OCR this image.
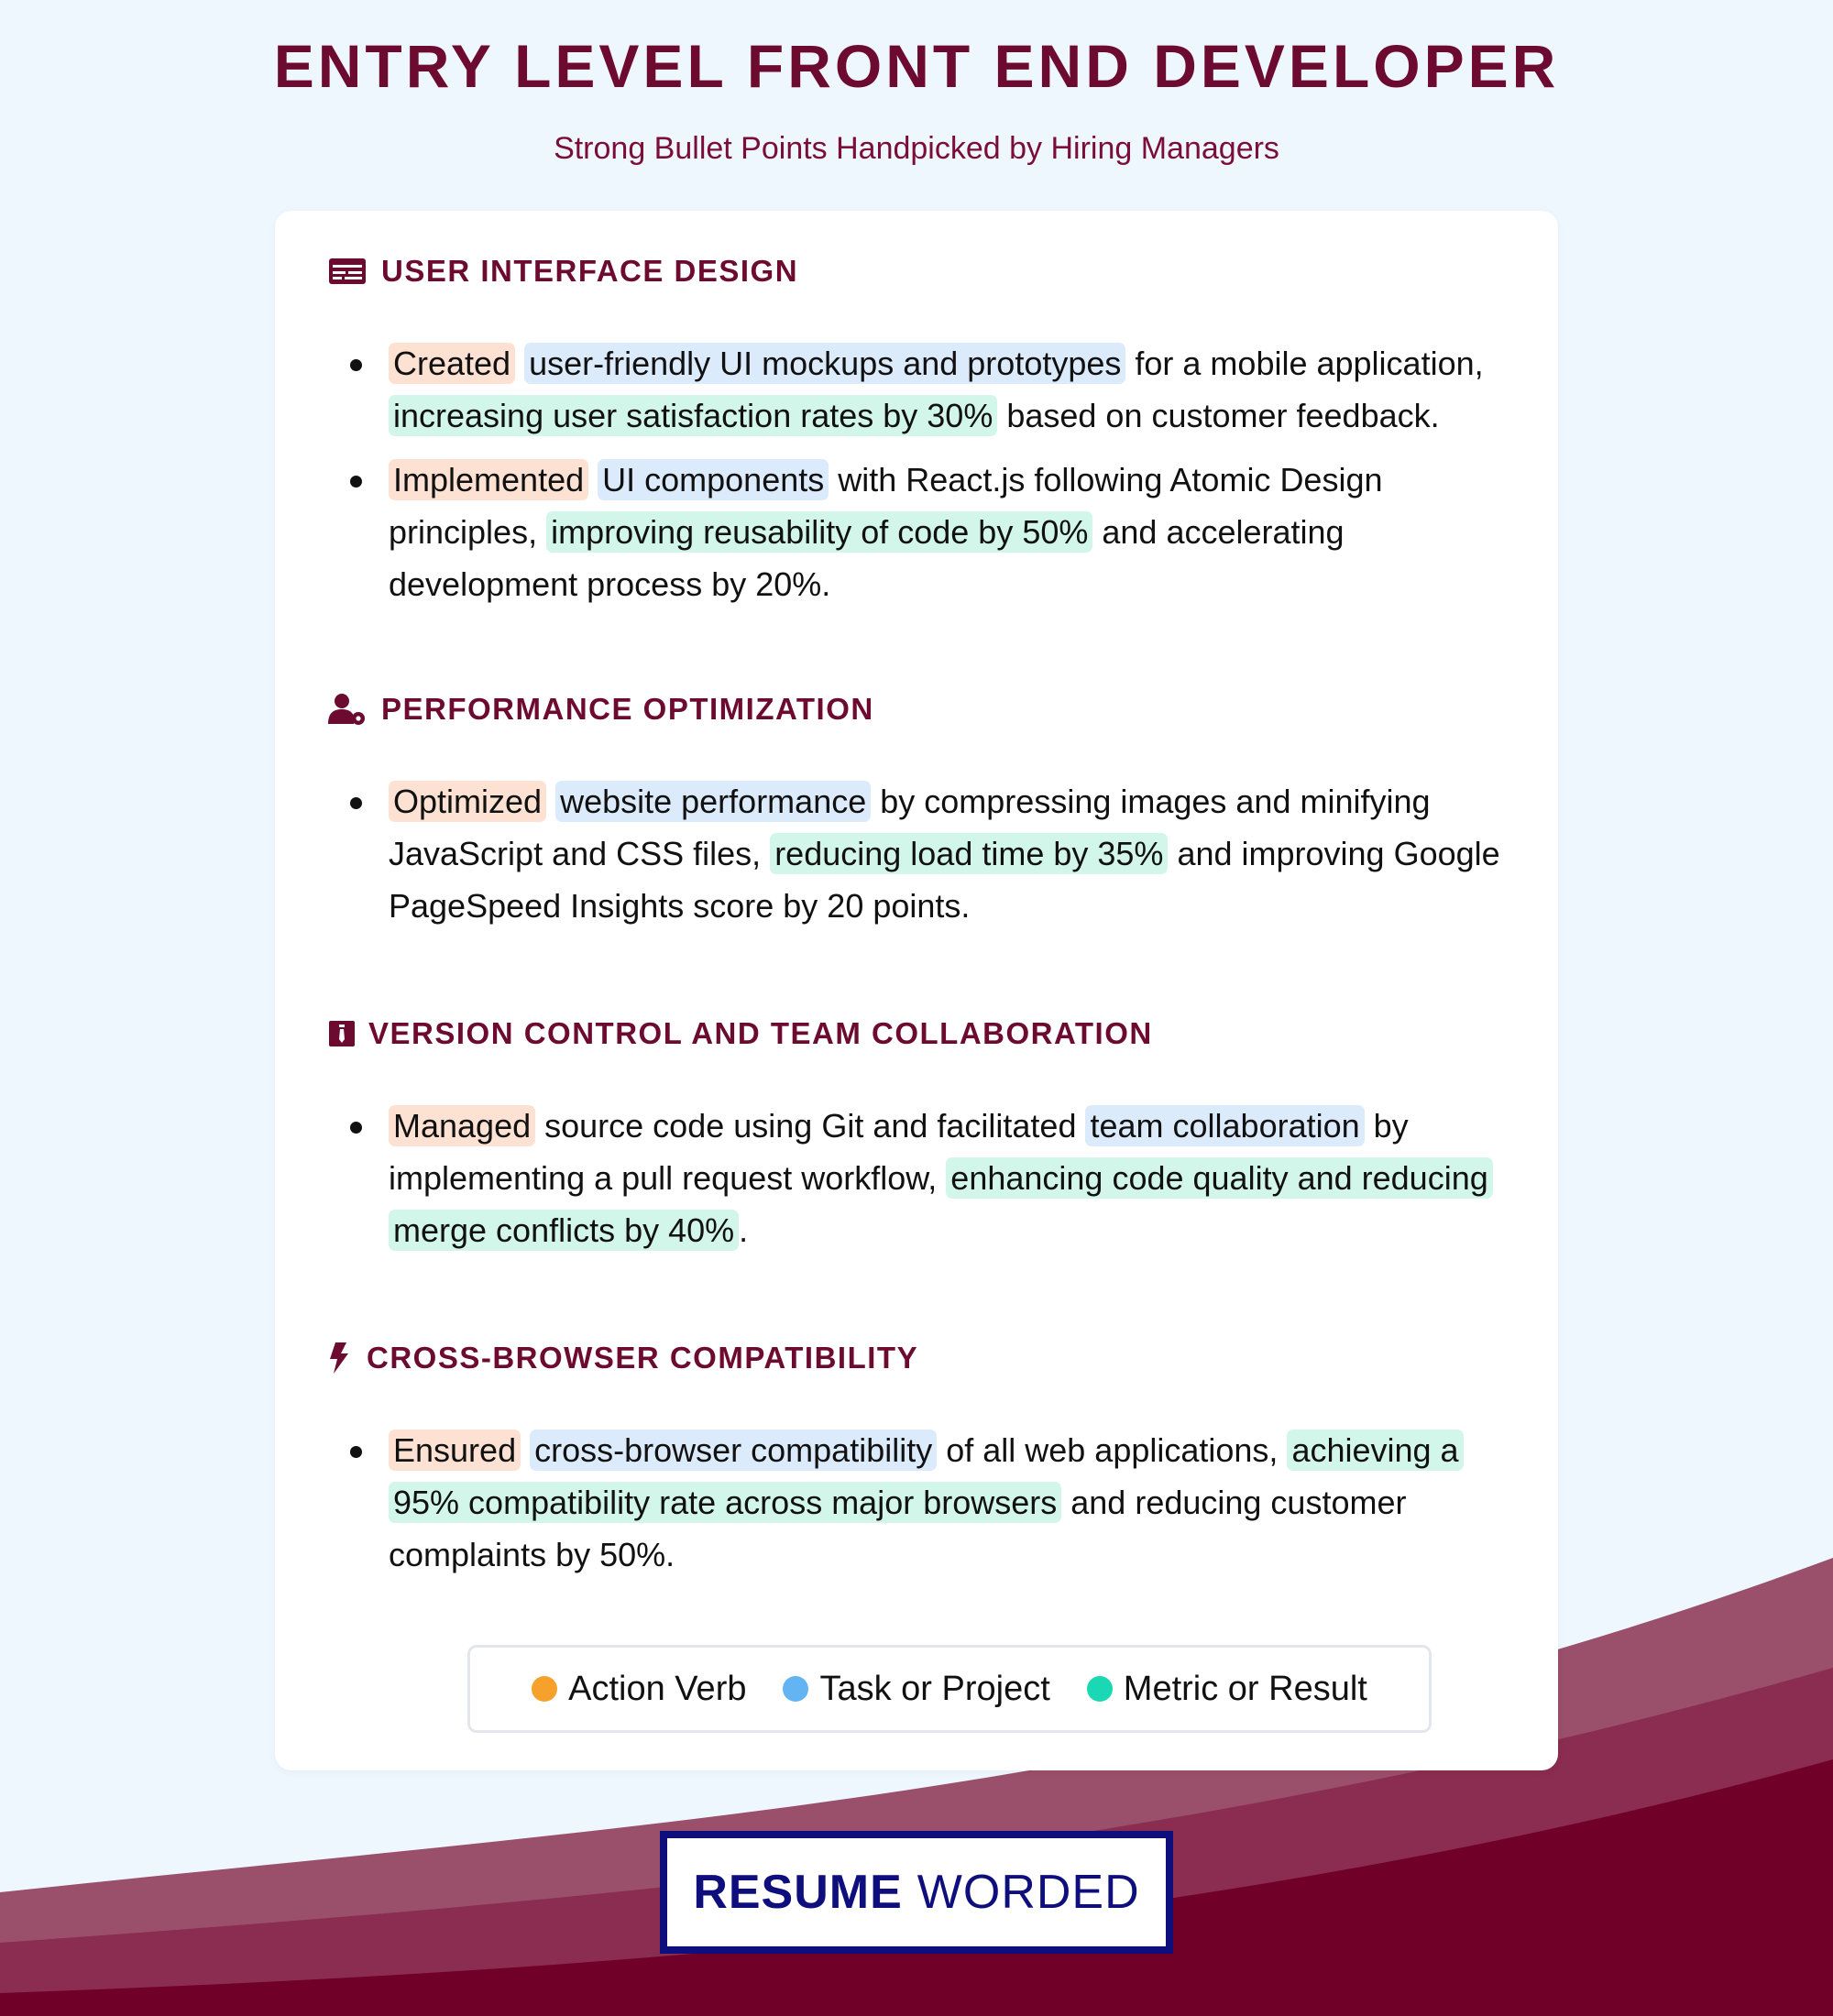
ENTRY LEVEL FRONT END DEVELOPER
Strong Bullet Points Handpicked by Hiring Managers
USER INTERFACE DESIGN
Created user-friendly UI mockups and prototypes for a mobile application, increasing user satisfaction rates by 30% based on customer feedback.
Implemented UI components with React.js following Atomic Design principles, improving reusability of code by 50% and accelerating development process by 20%.
PERFORMANCE OPTIMIZATION
Optimized website performance by compressing images and minifying JavaScript and CSS files, reducing load time by 35% and improving Google PageSpeed Insights score by 20 points.
VERSION CONTROL AND TEAM COLLABORATION
Managed source code using Git and facilitated team collaboration by implementing a pull request workflow, enhancing code quality and reducing merge conflicts by 40% .
CROSS-BROWSER COMPATIBILITY
Ensured cross-browser compatibility of all web applications, achieving a 95% compatibility rate across major browsers and reducing customer complaints by 50%.
Action Verb Task or Project Metric or Result
RESUME WORDED
